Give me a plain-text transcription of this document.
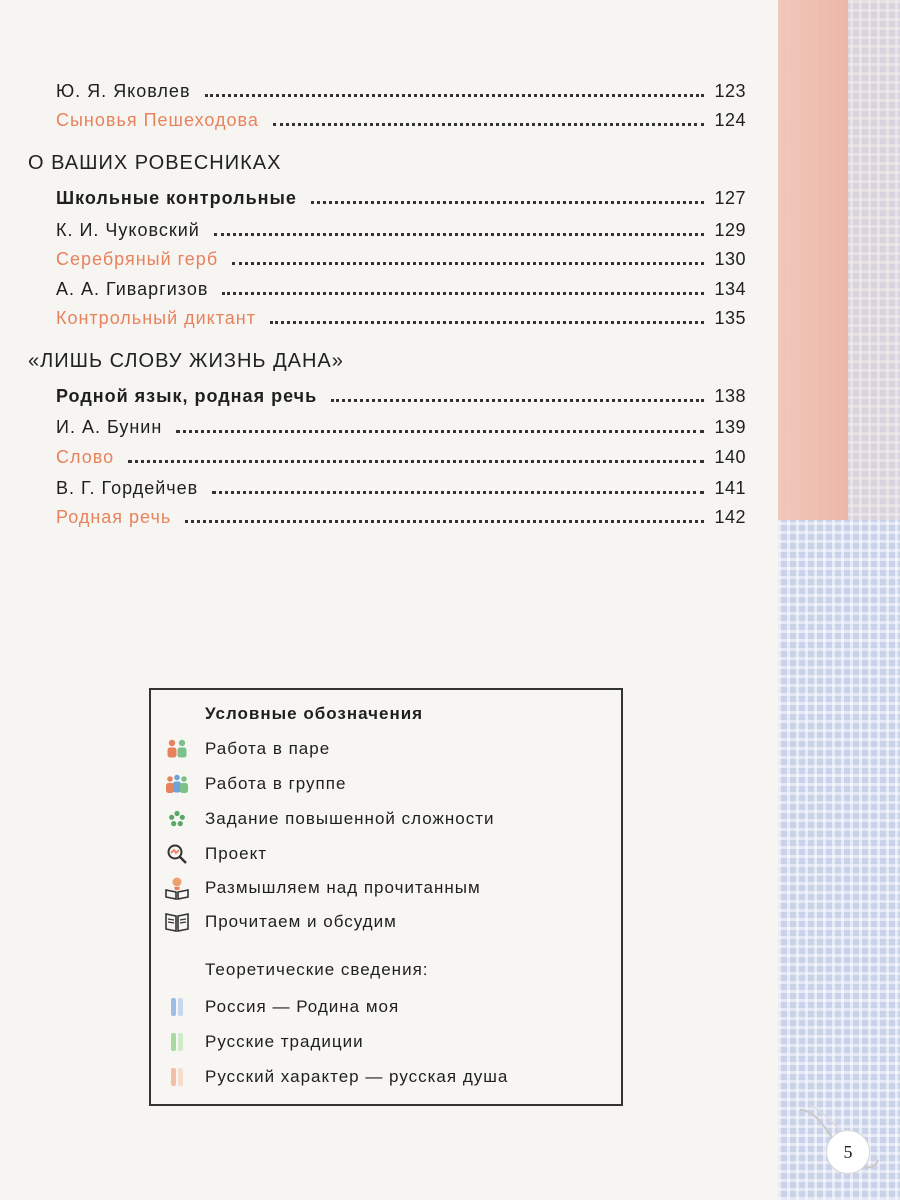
Ю. Я. Яковлев	123
Сыновья Пешеходова	124
О ВАШИХ РОВЕСНИКАХ
Школьные контрольные	127
К. И. Чуковский	129
Серебряный герб	130
А. А. Гиваргизов	134
Контрольный диктант	135
«ЛИШЬ СЛОВУ ЖИЗНЬ ДАНА»
Родной язык, родная речь	138
И. А. Бунин	139
Слово	140
В. Г. Гордейчев	141
Родная речь	142
Условные обозначения
Работа в паре
Работа в группе
Задание повышенной сложности
Проект
Размышляем над прочитанным
Прочитаем и обсудим
Теоретические сведения:
Россия — Родина моя
Русские традиции
Русский характер — русская душа
5
